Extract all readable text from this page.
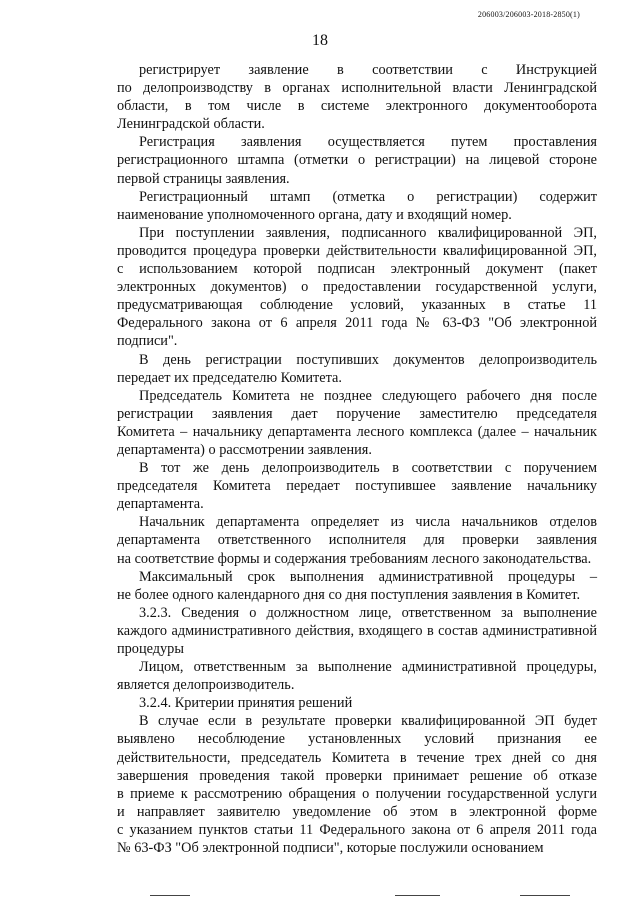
206003/206003-2018-2850(1)
18
регистрирует заявление в соответствии с Инструкцией
по делопроизводству в органах исполнительной власти Ленинградской
области, в том числе в системе электронного документооборота
Ленинградской области.
Регистрация заявления осуществляется путем проставления
регистрационного штампа (отметки о регистрации) на лицевой стороне
первой страницы заявления.
Регистрационный штамп (отметка о регистрации) содержит
наименование уполномоченного органа, дату и входящий номер.
При поступлении заявления, подписанного квалифицированной ЭП,
проводится процедура проверки действительности квалифицированной ЭП,
с использованием которой подписан электронный документ (пакет
электронных документов) о предоставлении государственной услуги,
предусматривающая соблюдение условий, указанных в статье 11
Федерального закона от 6 апреля 2011 года № 63-ФЗ "Об электронной
подписи".
В день регистрации поступивших документов делопроизводитель
передает их председателю Комитета.
Председатель Комитета не позднее следующего рабочего дня после
регистрации заявления дает поручение заместителю председателя
Комитета – начальнику департамента лесного комплекса (далее – начальник
департамента) о рассмотрении заявления.
В тот же день делопроизводитель в соответствии с поручением
председателя Комитета передает поступившее заявление начальнику
департамента.
Начальник департамента определяет из числа начальников отделов
департамента ответственного исполнителя для проверки заявления
на соответствие формы и содержания требованиям лесного законодательства.
Максимальный срок выполнения административной процедуры –
не более одного календарного дня со дня поступления заявления в Комитет.
3.2.3. Сведения о должностном лице, ответственном за выполнение
каждого административного действия, входящего в состав административной
процедуры
Лицом, ответственным за выполнение административной процедуры,
является делопроизводитель.
3.2.4. Критерии принятия решений
В случае если в результате проверки квалифицированной ЭП будет
выявлено несоблюдение установленных условий признания ее
действительности, председатель Комитета в течение трех дней со дня
завершения проведения такой проверки принимает решение об отказе
в приеме к рассмотрению обращения о получении государственной услуги
и направляет заявителю уведомление об этом в электронной форме
с указанием пунктов статьи 11 Федерального закона от 6 апреля 2011 года
№ 63-ФЗ "Об электронной подписи", которые послужили основанием
